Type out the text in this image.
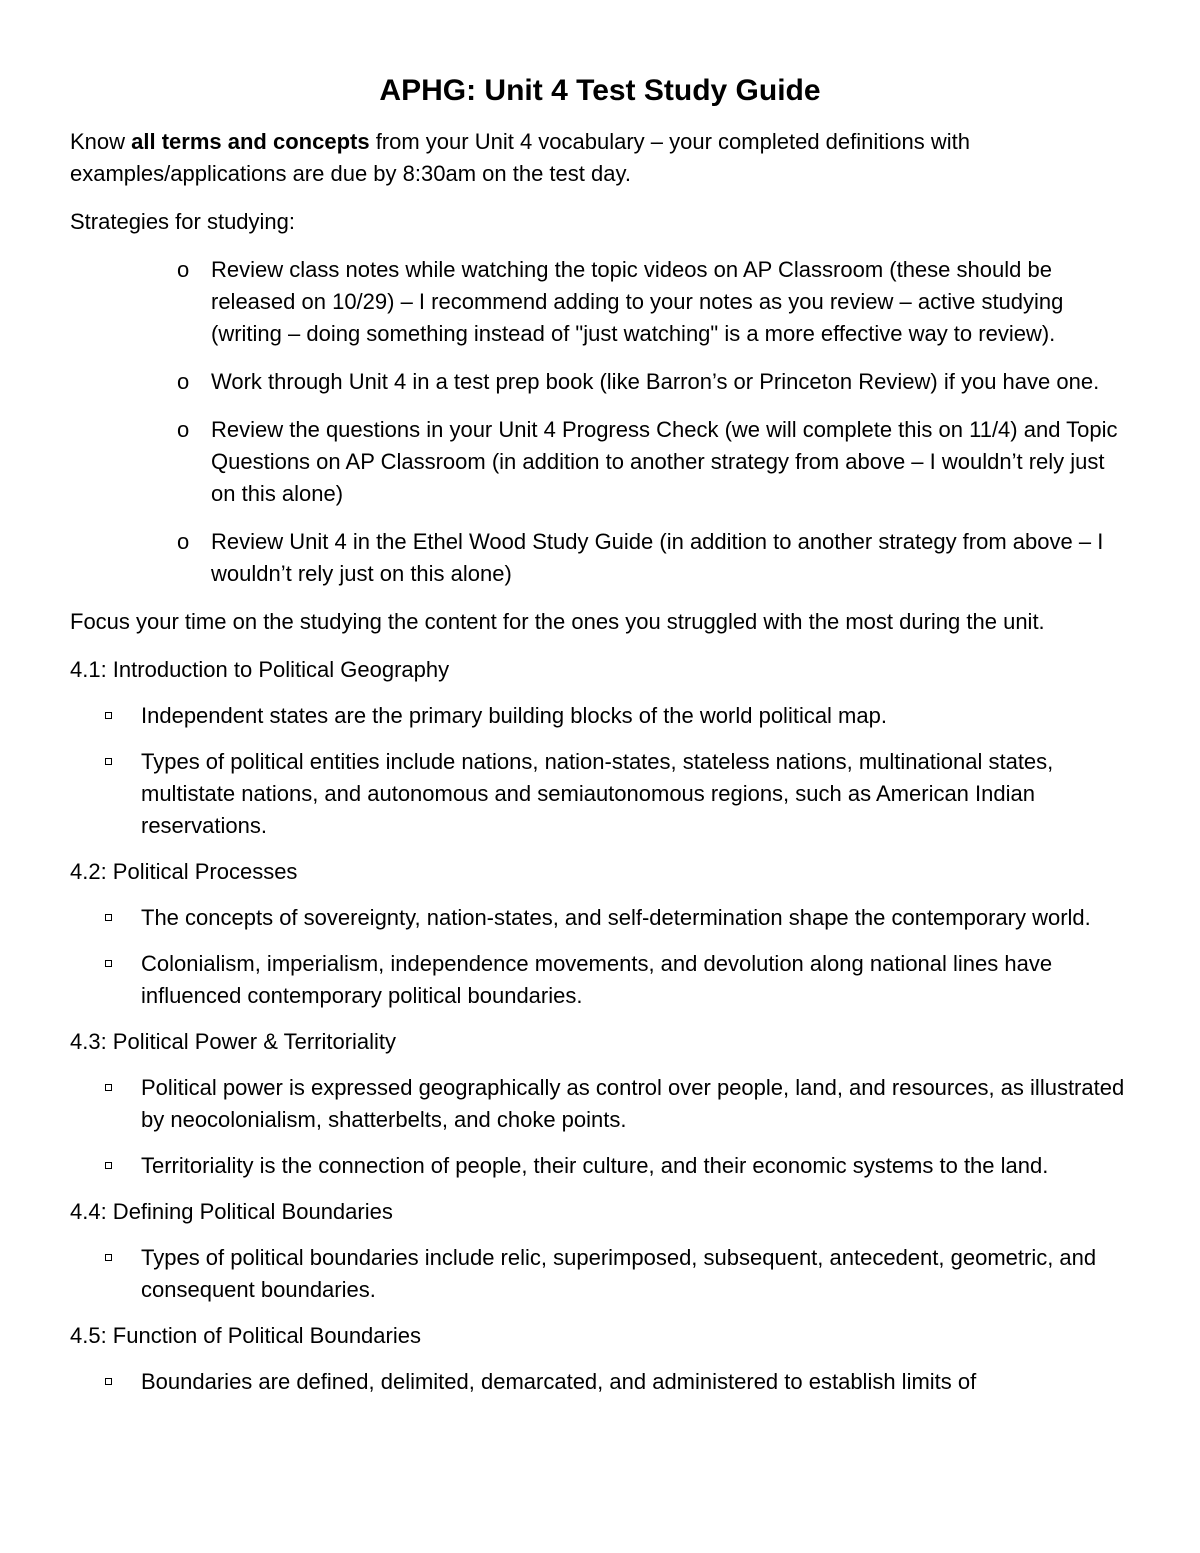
APHG: Unit 4 Test Study Guide

Know all terms and concepts from your Unit 4 vocabulary – your completed definitions with examples/applications are due by 8:30am on the test day.

Strategies for studying:

o Review class notes while watching the topic videos on AP Classroom (these should be released on 10/29) – I recommend adding to your notes as you review – active studying (writing – doing something instead of "just watching" is a more effective way to review).
o Work through Unit 4 in a test prep book (like Barron’s or Princeton Review) if you have one.
o Review the questions in your Unit 4 Progress Check (we will complete this on 11/4) and Topic Questions on AP Classroom (in addition to another strategy from above – I wouldn’t rely just on this alone)
o Review Unit 4 in the Ethel Wood Study Guide (in addition to another strategy from above – I wouldn’t rely just on this alone)

Focus your time on the studying the content for the ones you struggled with the most during the unit.

4.1: Introduction to Political Geography
Independent states are the primary building blocks of the world political map.
Types of political entities include nations, nation-states, stateless nations, multinational states, multistate nations, and autonomous and semiautonomous regions, such as American Indian reservations.
4.2: Political Processes
The concepts of sovereignty, nation-states, and self-determination shape the contemporary world.
Colonialism, imperialism, independence movements, and devolution along national lines have influenced contemporary political boundaries.
4.3: Political Power & Territoriality
Political power is expressed geographically as control over people, land, and resources, as illustrated by neocolonialism, shatterbelts, and choke points.
Territoriality is the connection of people, their culture, and their economic systems to the land.
4.4: Defining Political Boundaries
Types of political boundaries include relic, superimposed, subsequent, antecedent, geometric, and consequent boundaries.
4.5: Function of Political Boundaries
Boundaries are defined, delimited, demarcated, and administered to establish limits of
